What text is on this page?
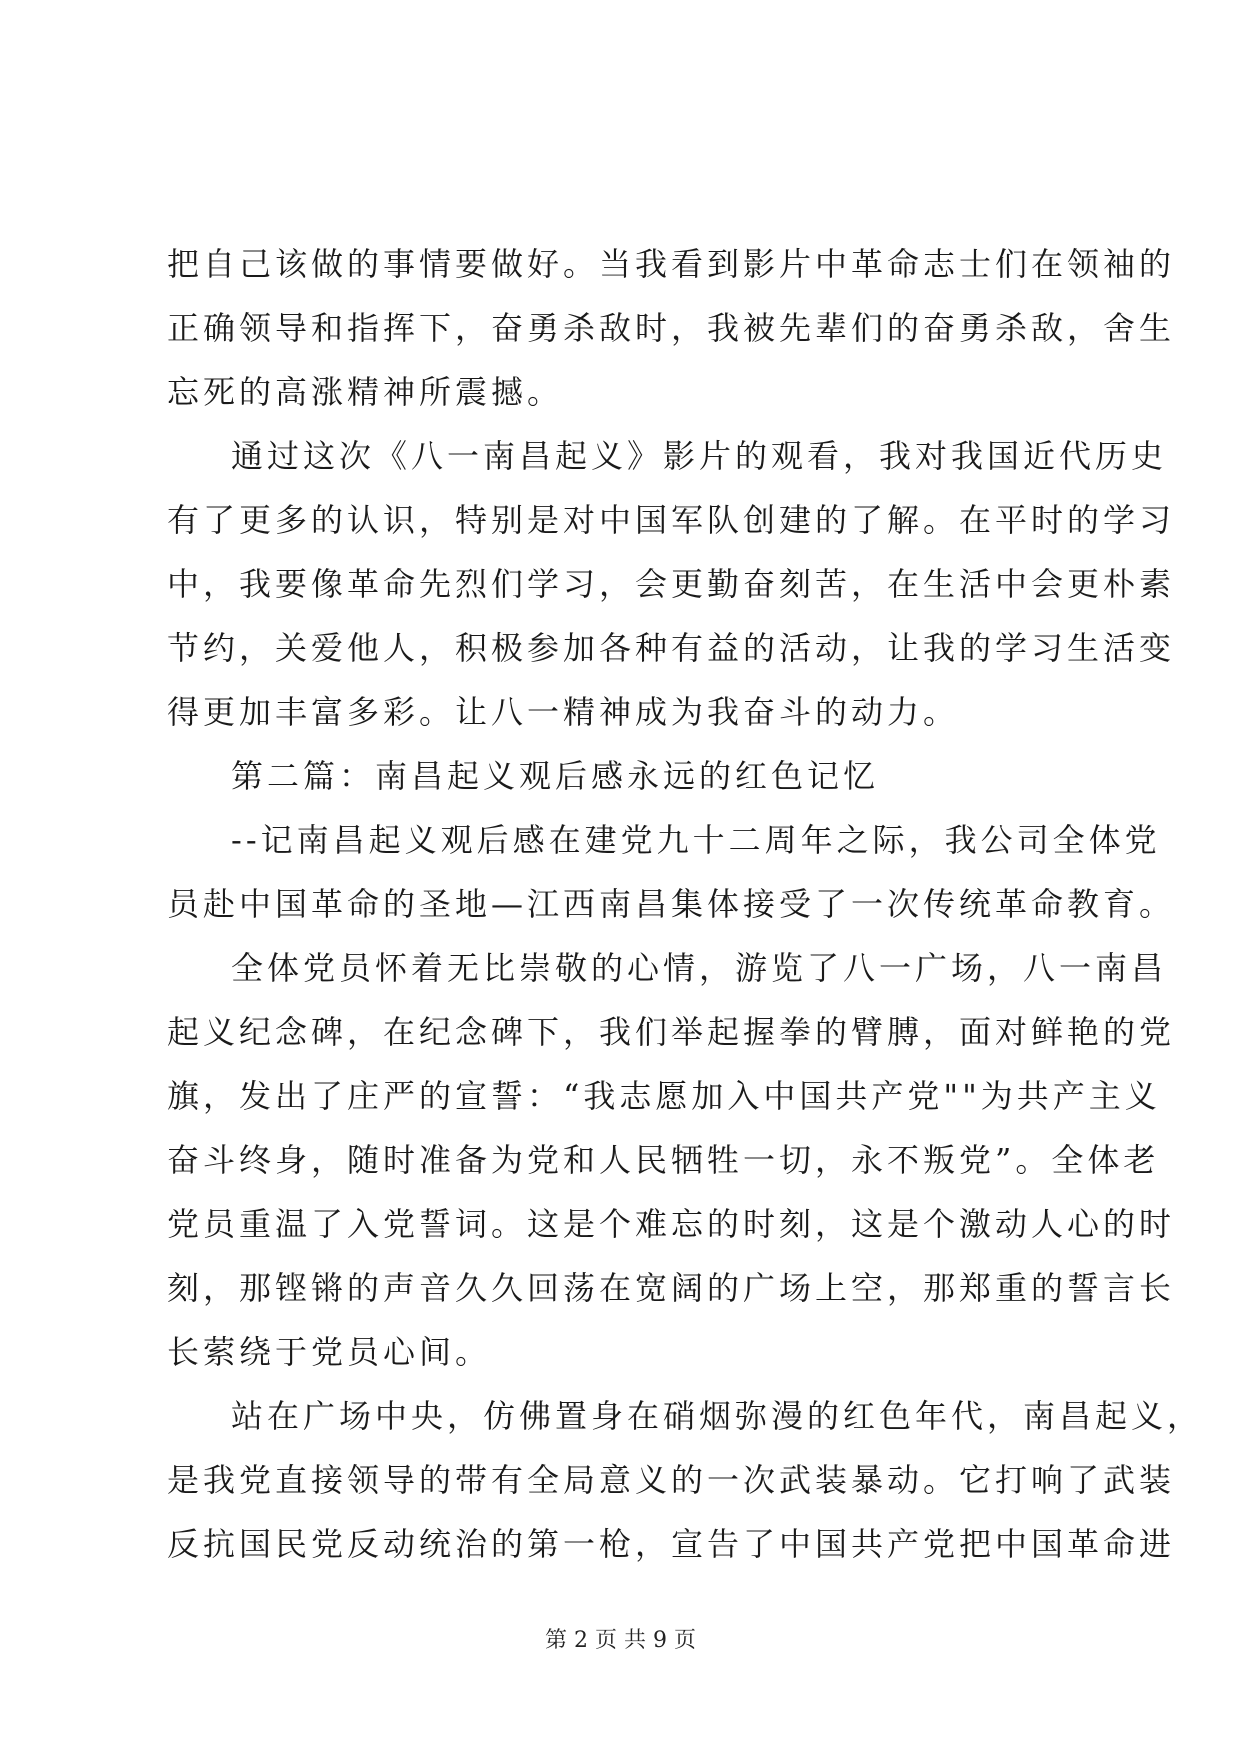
把自己该做的事情要做好。当我看到影片中革命志士们在领袖的
正确领导和指挥下，奋勇杀敌时，我被先辈们的奋勇杀敌，舍生
忘死的高涨精神所震撼。
通过这次《八一南昌起义》影片的观看，我对我国近代历史
有了更多的认识，特别是对中国军队创建的了解。在平时的学习
中，我要像革命先烈们学习，会更勤奋刻苦，在生活中会更朴素
节约，关爱他人，积极参加各种有益的活动，让我的学习生活变
得更加丰富多彩。让八一精神成为我奋斗的动力。
第二篇：南昌起义观后感永远的红色记忆
--记南昌起义观后感在建党九十二周年之际，我公司全体党
员赴中国革命的圣地—江西南昌集体接受了一次传统革命教育。
全体党员怀着无比崇敬的心情，游览了八一广场，八一南昌
起义纪念碑，在纪念碑下，我们举起握拳的臂膊，面对鲜艳的党
旗，发出了庄严的宣誓：“我志愿加入中国共产党""为共产主义
奋斗终身，随时准备为党和人民牺牲一切，永不叛党”。全体老
党员重温了入党誓词。这是个难忘的时刻，这是个激动人心的时
刻，那铿锵的声音久久回荡在宽阔的广场上空，那郑重的誓言长
长萦绕于党员心间。
站在广场中央，仿佛置身在硝烟弥漫的红色年代，南昌起义，
是我党直接领导的带有全局意义的一次武装暴动。它打响了武装
反抗国民党反动统治的第一枪，宣告了中国共产党把中国革命进
第 2 页 共 9 页
